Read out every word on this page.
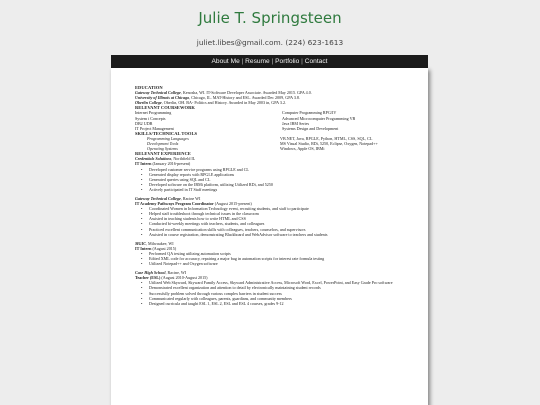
Julie T. Springsteen
juliet.libes@gmail.com. (224) 623-1613
About Me | Resume | Portfolio | Contact
EDUCATION
Gateway Technical College, Kenosha, WI. IT-Software Developer Associate. Awarded May 2015. GPA 4.0.
University of Illinois at Chicago, Chicago, IL. MAT-History and ESL. Awarded Dec 2009, GPA 3.8.
Oberlin College, Oberlin, OH. BA- Politics and History. Awarded in May 2003 in, GPA 3.2.
RELEVANT COURSEWORK
Internet Programming	Computer Programming RPG/IV
System i Concepts	Advanced Microcomputer Programming VB
DB2 UDB	Java IBM Series
IT Project Management	Systems Design and Development
SKILLS/TECHNICAL TOOLS
Programming Languages	VB.NET, Java, RPGLE, Python, HTML, CSS, SQL, CL
Development Tools	MS Visual Studio, RDi, 5250, Eclipse, Oxygen, Notepad++
Operating Systems	Windows, Apple OS, IBMi
RELEVANT EXPERIENCE
Credentials Solutions, Northfield IL
IT Intern (January 2016-present)
• Developed customer service programs using RPGLE and CL
• Generated display reports with RPGLE applications
• Generated queries using SQL and CL
• Developed software on the IBMi platform, utilizing Utilized RDi, and 5250
• Actively participated in IT Staff meetings
Gateway Technical College, Racine WI
IT Academy Pathways Program Coordinator (August 2015-present)
• Coordinated Women in Information Technology event, recruiting students, and staff to participate
• Helped staff troubleshoot through technical issues in the classroom
• Assisted in teaching students how to write HTML and CSS
• Conducted bi-weekly meetings with teachers, students, and colleagues
• Practiced excellent communication skills with colleagues, teachers, counselors, and supervisors
• Assisted in course registration, demonstrating Blackboard and WebAdvisor software to teachers and students
MGIC, Milwaukee, WI
IT Intern (August 2015)
• Performed QA testing utilizing automation scripts
• Edited XML code for accuracy, repairing a major bug in automation scripts for interest rate formula testing
• Utilized Notepad++ and Oxygen software
Case High School, Racine, WI
Teacher (ESL) (August 2010-August 2015)
• Utilized Web Skyward, Skyward Family Access, Skyward Administrative Access, Microsoft Word, Excel, PowerPoint, and Easy Grade Pro software
• Demonstrated excellent organization and attention to detail by electronically maintaining student records
• Successfully problem solved through various complex barriers in student success
• Communicated regularly with colleagues, parents, guardians, and community members
• Designed curricula and taught ESL 1, ESL 2, ESL and ESL 4 courses, grades 9-12
